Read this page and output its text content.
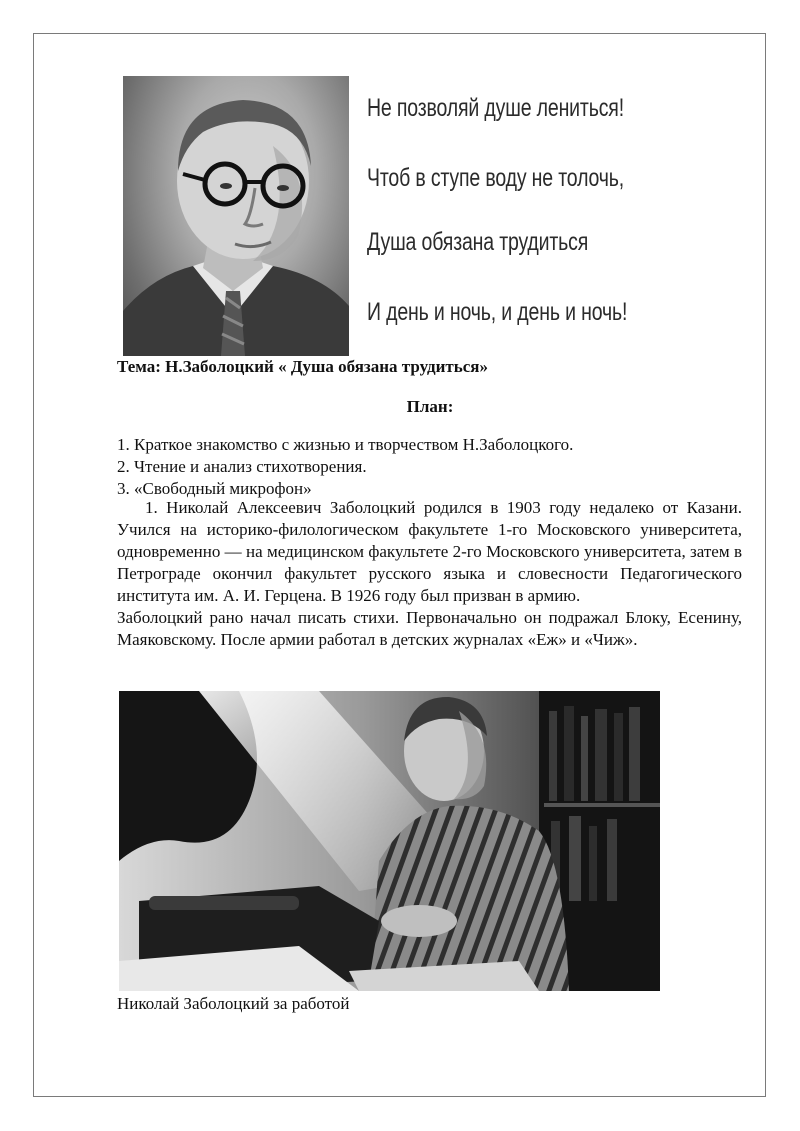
Не позволяй душе лениться!
Чтоб в ступе воду не толочь,
Душа обязана трудиться
И день и ночь, и день и ночь!
Тема: Н.Заболоцкий « Душа обязана трудиться»
План:
1. Краткое знакомство с жизнью и творчеством Н.Заболоцкого.
2. Чтение и анализ стихотворения.
3. «Свободный микрофон»

1. Николай Алексеевич Заболоцкий родился в 1903 году недалеко от Казани. Учился на историко-филологическом факультете 1-го Московского университета, одновременно — на медицинском факультете 2-го Московского университета, затем в Петрограде окончил факультет русского языка и словесности Педагогического института им. А. И. Герцена. В 1926 году был призван в армию.

Заболоцкий рано начал писать стихи. Первоначально он подражал Блоку, Есенину, Маяковскому. После армии работал в детских журналах «Еж» и «Чиж».

Николай Заболоцкий за работой
